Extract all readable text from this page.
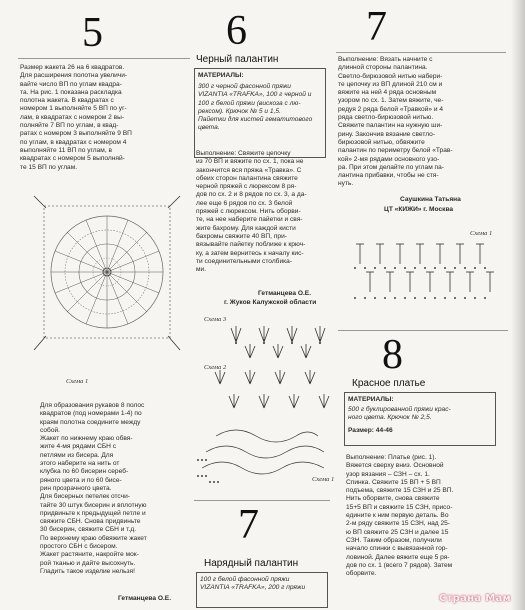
5

Размер жакета 26 на 6 квадратов.
Для расширения полотна увеличи-
вайте число ВП по углам квадра-
та. На рис. 1 показана раскладка
полотна жакета. В квадратах с
номером 1 выполняйте 5 ВП по уг-
лам, в квадратах с номером 2 вы-
полняйте 7 ВП по углам, в квад-
ратах с номером 3 выполняйте 9 ВП
по углам, в квадратах с номером 4
выполняйте 11 ВП по углам, в
квадратах с номером 5 выполняй-
те 15 ВП по углам.

Схема 1

Для образования рукавов 8 полос
квадратов (под номерами 1-4) по
краям полотна соедините между
собой.
Жакет по нижнему краю обвя-
жите 4-мя рядами СБН с
петлями из бисера. Для
этого наберите на нить от
клубка по 60 бисерин сереб-
ряного цвета и по 60 бисе-
рин прозрачного цвета.
Для бисерных петелек отсчи-
тайте 30 штук бисерин и вплотную
придвиньте к предыдущей петле и
свяжите СБН. Снова придвиньте
30 бисерин, свяжите СБН и т.д.
По верхнему краю обвяжите жакет
простого СБН с бисером.
Жакет растяните, накройте мок-
рой тканью и дайте высохнуть.
Гладить такое изделие нельзя!

Гетманцева О.Е.
6
Черный палантин
МАТЕРИАЛЫ:

300 г черной фасонной пряжи
VIZANTIA «TRAFKA», 100 г черной и
100 г белой пряжи (вискоза с лю-
рексом). Крючок № 5 и 1,5.
Пайетки для кистей гематитового
цвета.

Выполнение: Свяжите цепочку
из 70 ВП и вяжите по сх. 1, пока не
закончится вся пряжа «Травка». С
обеих сторон палантина свяжите
черной пряжей с люрексом 8 ря-
дов по сх. 2 и 8 рядов по сх. 3, а да-
лее еще 6 рядов по сх. 3 белой
пряжей с люрексом. Нить оборви-
те, на нее наберите пайетки и свя-
жите бахрому. Для каждой кисти
бахромы свяжите 40 ВП, при-
вязывайте пайетку поближе к крюч-
ку, а затем вернитесь к началу кис-
ти соединительными столбика-
ми.

Гетманцева О.Е.
г. Жуков Калужской области
Схема 3
Схема 2
Схема 1
7
Нарядный палантин

100 г белой фасонной пряжи
VIZANTIA «TRAFKA», 200 г пряжи

7

Выполнение: Вязать начните с
длинной стороны палантина.
Светло-бирюзовой нитью набери-
те цепочку из ВП длиной 210 см и
вяжите на ней 4 ряда основным
узором по сх. 1. Затем вяжите, че-
редуя 2 ряда белой «Травкой» и 4
ряда светло-бирюзовой нитью.
Свяжите палантин на нужную ши-
рину. Закончив вязание светло-
бирюзовой нитью, обвяжите
палантин по периметру белой «Трав-
кой» 2-мя рядами основного узо-
ра. При этом делайте по углам па-
лантина прибавки, чтобы не стя-
нуть.

Саушкина Татьяна
ЦТ «КИЖИ» г. Москва
Схема 1
8
Красное платье
МАТЕРИАЛЫ:

500 г буклированной пряжи крас-
ного цвета. Крючок № 2,5.

Размер: 44-46

Выполнение: Платье (рис. 1).
Вяжется сверху вниз. Основной
узор вязания – СЗН – сх. 1.
Спинка. Свяжите 15 ВП + 5 ВП
подъема, свяжите 15 СЗН и 25 ВП.
Нить оборвите, снова свяжите
15+5 ВП и свяжите 15 СЗН, присо-
едините к ним первую деталь. Во
2-м ряду свяжите 15 СЗН, над 25-
ю ВП свяжите 25 СЗН и далее 15
СЗН. Таким образом, получили
начало спинки с вывязанной гор-
ловиной. Далее вяжите еще 5 ря-
дов по сх. 1 (всего 7 рядов). Затем
оборвите.

Страна Мам
